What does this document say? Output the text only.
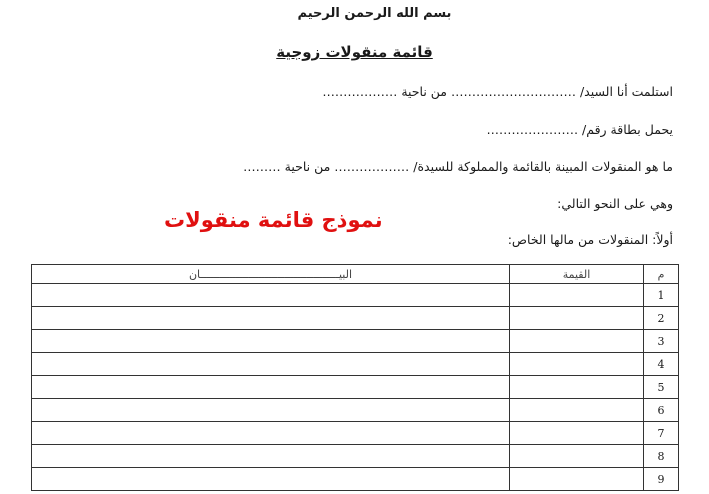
بسم الله الرحمن الرحيم
قائمة منقولات زوجية
استلمت أنا السيد/ ………………………… من ناحية ………………
يحمل بطاقة رقم/ ………………….
ما هو المنقولات المبينة بالقائمة والمملوكة للسيدة/ ……………… من ناحية ………
وهي على النحو التالي:
أولاً: المنقولات من مالها الخاص:
نموذج قائمة منقولات
م	القيمة	البيـــــــــــــــــــــــــــــــــــــــــــان
1		
2		
3		
4		
5		
6		
7		
8		
9		
